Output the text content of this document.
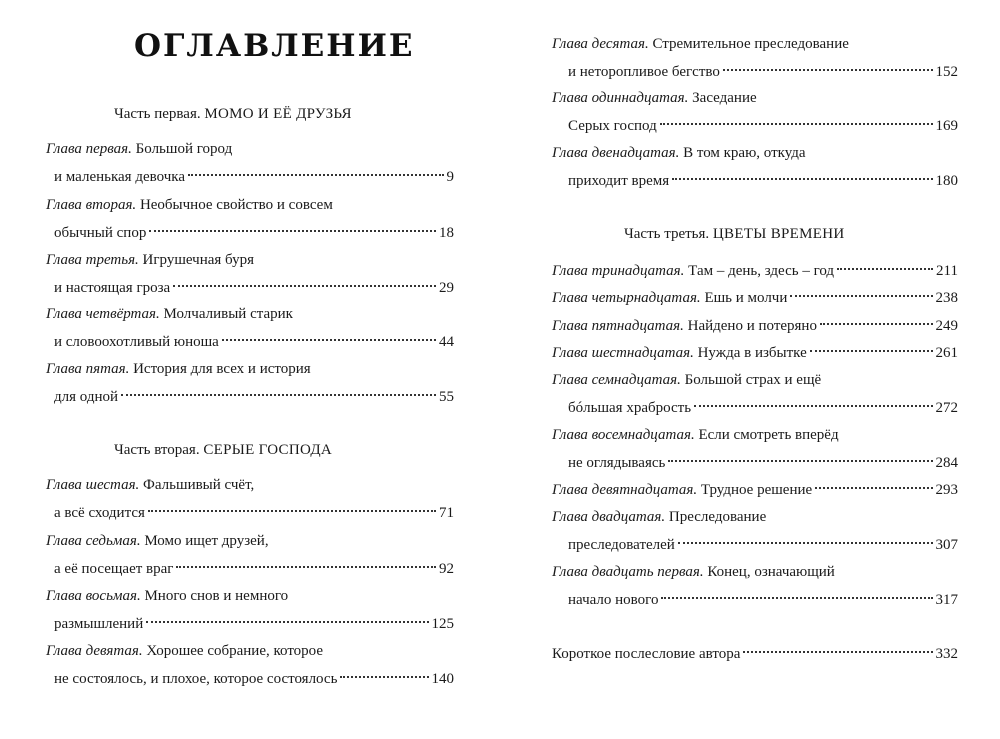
ОГЛАВЛЕНИЕ
Часть первая. МОМО И ЕЁ ДРУЗЬЯ
Глава первая. Большой город
и маленькая девочка	9
Глава вторая. Необычное свойство и совсем
обычный спор	18
Глава третья. Игрушечная буря
и настоящая гроза	29
Глава четвёртая. Молчаливый старик
и словоохотливый юноша	44
Глава пятая. История для всех и история
для одной	55
Часть вторая. СЕРЫЕ ГОСПОДА
Глава шестая. Фальшивый счёт,
а всё сходится	71
Глава седьмая. Момо ищет друзей,
а её посещает враг	92
Глава восьмая. Много снов и немного
размышлений	125
Глава девятая. Хорошее собрание, которое
не состоялось, и плохое, которое состоялось	140
Глава десятая. Стремительное преследование
и неторопливое бегство	152
Глава одиннадцатая. Заседание
Серых господ	169
Глава двенадцатая. В том краю, откуда
приходит время	180
Часть третья. ЦВЕТЫ ВРЕМЕНИ
Глава тринадцатая.
Там – день, здесь – год	211
Глава четырнадцатая.
Ешь и молчи	238
Глава пятнадцатая.
Найдено и потеряно	249
Глава шестнадцатая.
Нужда в избытке	261
Глава семнадцатая. Большой страх и ещё
бóльшая храбрость	272
Глава восемнадцатая. Если смотреть вперёд
не оглядываясь	284
Глава девятнадцатая.
Трудное решение	293
Глава двадцатая. Преследование
преследователей	307
Глава двадцать первая. Конец, означающий
начало нового	317
Короткое послесловие автора	332
